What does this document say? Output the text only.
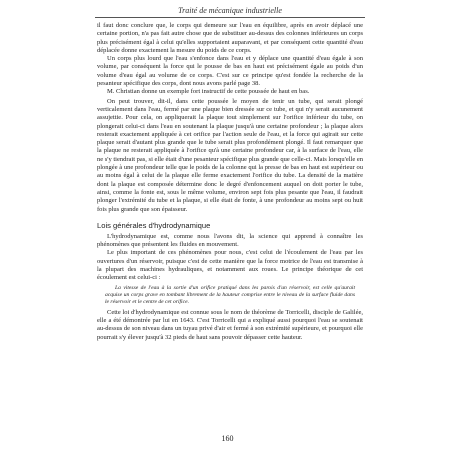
Traité de mécanique industrielle

il faut donc conclure que, le corps qui demeure sur l'eau en équilibre, après en avoir déplacé une certaine portion, n'a pas fait autre chose que de substituer au-dessus des colonnes inférieures un corps plus précisément égal à celui qu'elles supportaient auparavant, et par conséquent cette quantité d'eau déplacée donne exactement la mesure du poids de ce corps.

Un corps plus lourd que l'eau s'enfonce dans l'eau et y déplace une quantité d'eau égale à son volume, par conséquent la force qui le pousse de bas en haut est précisément égale au poids d'un volume d'eau égal au volume de ce corps. C'est sur ce principe qu'est fondée la recherche de la pesanteur spécifique des corps, dont nous avons parlé page 38.

M. Christian donne un exemple fort instructif de cette poussée de haut en bas.

On peut trouver, dit-il, dans cette poussée le moyen de tenir un tube, qui serait plongé verticalement dans l'eau, fermé par une plaque bien dressée sur ce tube, et qui n'y serait aucunement assujettie. Pour cela, on appliquerait la plaque tout simplement sur l'orifice inférieur du tube, on plongerait celui-ci dans l'eau en soutenant la plaque jusqu'à une certaine profondeur ; la plaque alors resterait exactement appliquée à cet orifice par l'action seule de l'eau, et la force qui agirait sur cette plaque serait d'autant plus grande que le tube serait plus profondément plongé. Il faut remarquer que la plaque ne resterait appliquée à l'orifice qu'à une certaine profondeur car, à la surface de l'eau, elle ne s'y tiendrait pas, si elle était d'une pesanteur spécifique plus grande que celle-ci. Mais lorsqu'elle en plongée à une profondeur telle que le poids de la colonne qui la presse de bas en haut est supérieur ou au moins égal à celui de la plaque elle ferme exactement l'orifice du tube. La densité de la matière dont la plaque est composée détermine donc le degré d'enfoncement auquel on doit porter le tube, ainsi, comme la fonte est, sous le même volume, environ sept fois plus pesante que l'eau, il faudrait plonger l'extrémité du tube et la plaque, si elle était de fonte, à une profondeur au moins sept ou huit fois plus grande que son épaisseur.

Lois générales d'hydrodynamique

L'hydrodynamique est, comme nous l'avons dit, la science qui apprend à connaître les phénomènes que présentent les fluides en mouvement.

Le plus important de ces phénomènes pour nous, c'est celui de l'écoulement de l'eau par les ouvertures d'un réservoir, puisque c'est de cette manière que la force motrice de l'eau est transmise à la plupart des machines hydrauliques, et notamment aux roues. Le principe théorique de cet écoulement est celui-ci :

La vitesse de l'eau à la sortie d'un orifice pratiqué dans les parois d'un réservoir, est celle qu'aurait acquise un corps grave en tombant librement de la hauteur comprise entre le niveau de la surface fluide dans le réservoir et le centre de cet orifice.

Cette loi d'hydrodynamique est connue sous le nom de théorème de Torricelli, disciple de Galilée, elle a été démontrée par lui en 1643. C'est Torricelli qui a expliqué aussi pourquoi l'eau se soutenait au-dessus de son niveau dans un tuyau privé d'air et fermé à son extrémité supérieure, et pourquoi elle pourrait s'y élever jusqu'à 32 pieds de haut sans pouvoir dépasser cette hauteur.

160
